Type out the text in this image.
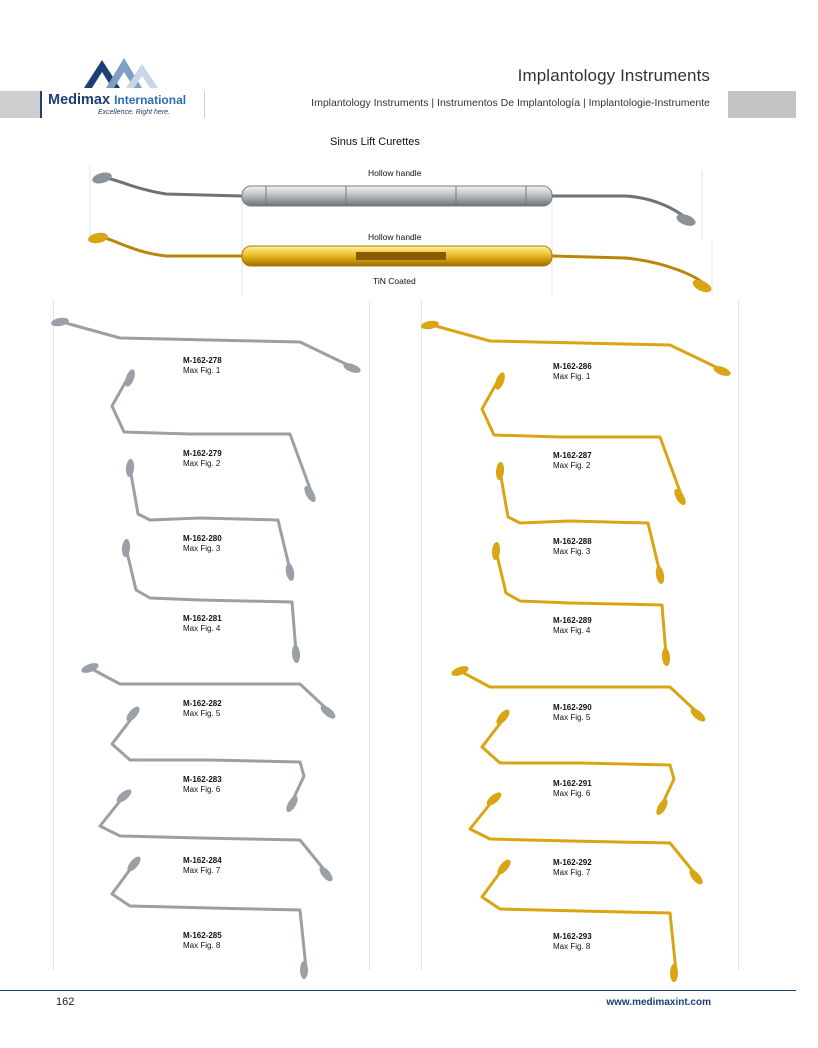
Implantology Instruments
Medimax International
Excellence. Right here.
Implantology Instruments | Instrumentos De Implantología | Implantologie-Instrumente
Sinus Lift Curettes
Hollow handle
Hollow handle
TiN Coated
M-162-278
Max Fig. 1
M-162-279
Max Fig. 2
M-162-280
Max Fig. 3
M-162-281
Max Fig. 4
M-162-282
Max Fig. 5
M-162-283
Max Fig. 6
M-162-284
Max Fig. 7
M-162-285
Max Fig. 8
M-162-286
Max Fig. 1
M-162-287
Max Fig. 2
M-162-288
Max Fig. 3
M-162-289
Max Fig. 4
M-162-290
Max Fig. 5
M-162-291
Max Fig. 6
M-162-292
Max Fig. 7
M-162-293
Max Fig. 8
162	www.medimaxint.com
